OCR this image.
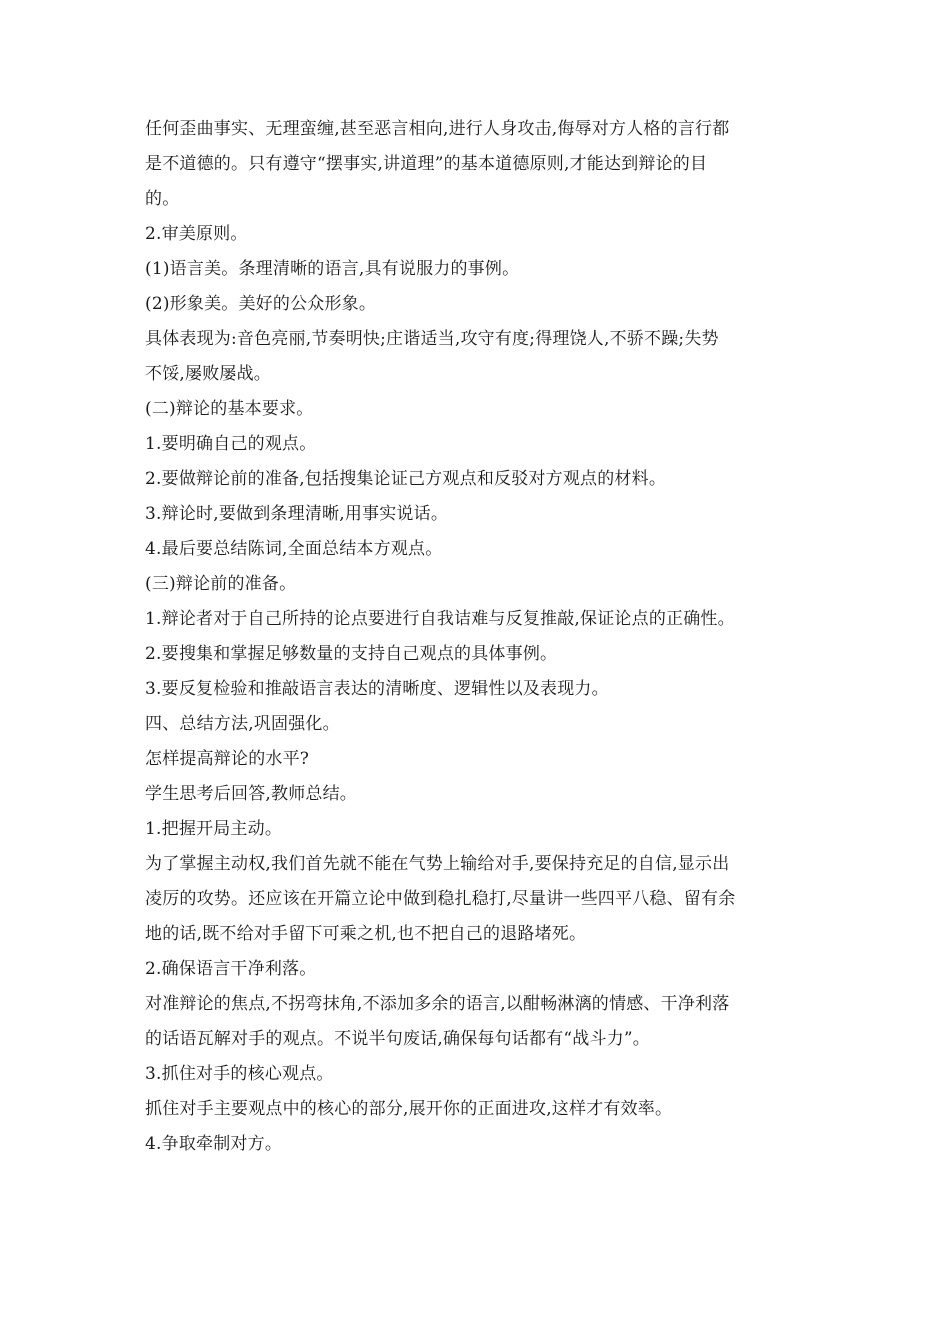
任何歪曲事实、无理蛮缠,甚至恶言相向,进行人身攻击,侮辱对方人格的言行都
是不道德的。只有遵守“摆事实,讲道理”的基本道德原则,才能达到辩论的目
的。
2.审美原则。
(1)语言美。条理清晰的语言,具有说服力的事例。
(2)形象美。美好的公众形象。
具体表现为:音色亮丽,节奏明快;庄谐适当,攻守有度;得理饶人,不骄不躁;失势
不馁,屡败屡战。
(二)辩论的基本要求。
1.要明确自己的观点。
2.要做辩论前的准备,包括搜集论证己方观点和反驳对方观点的材料。
3.辩论时,要做到条理清晰,用事实说话。
4.最后要总结陈词,全面总结本方观点。
(三)辩论前的准备。
1.辩论者对于自己所持的论点要进行自我诘难与反复推敲,保证论点的正确性。
2.要搜集和掌握足够数量的支持自己观点的具体事例。
3.要反复检验和推敲语言表达的清晰度、逻辑性以及表现力。
四、总结方法,巩固强化。
怎样提高辩论的水平?
学生思考后回答,教师总结。
1.把握开局主动。
为了掌握主动权,我们首先就不能在气势上输给对手,要保持充足的自信,显示出
凌厉的攻势。还应该在开篇立论中做到稳扎稳打,尽量讲一些四平八稳、留有余
地的话,既不给对手留下可乘之机,也不把自己的退路堵死。
2.确保语言干净利落。
对准辩论的焦点,不拐弯抹角,不添加多余的语言,以酣畅淋漓的情感、干净利落
的话语瓦解对手的观点。不说半句废话,确保每句话都有“战斗力”。
3.抓住对手的核心观点。
抓住对手主要观点中的核心的部分,展开你的正面进攻,这样才有效率。
4.争取牵制对方。
